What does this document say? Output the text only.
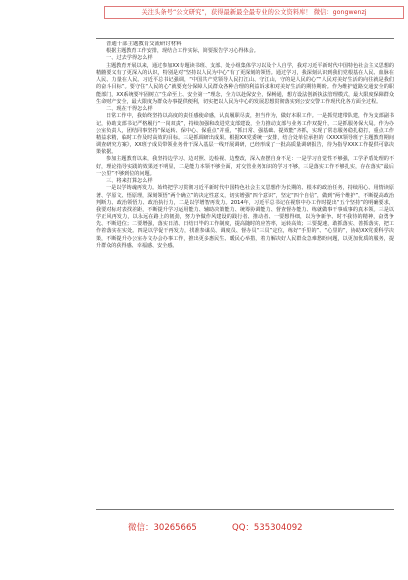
关注头条号“公文研究”，获得最新最全最专业的公文资料库！ 微信：gongwenzj

普通干部主题教育交流研讨材料

根据主题教育工作安排，现结合工作实际，简要报告学习心得体会。

一、过去学得怎么样

主题教育开展以来，通过参加XX专题读书班、支部、处小组集体学习以及个人自学，我对习近平新时代中国特色社会主义思想的精髓要义有了更深入的认识，特别是对“坚持以人民为中心”有了更深刻的领悟。通过学习，我深刻认识到我们党根基在人民、血脉在人民、力量在人民。习近平总书记强调，“中国共产党领导人民打江山、守江山，守的是人民的心”“人民对美好生活的向往就是我们的奋斗目标”。要守住“人民的心”就要充分保障人民群众各种合理的利益诉求和对美好生活的期待期盼。作为维护道路交通安全的职能部门，XX系统要牢固树立“生命至上、安全第一”理念，全力以赴保安全，保畅通，想方设法创新执法管理模式，最大限度保障群众生命财产安全，最大限度为群众办事提供便利，切实把以人民为中心的发展思想贯彻落实到公安交警工作现代化各方面全过程。

二、现在干得怎么样

日常工作中，我始终坚持以高度的责任感使命感，认真履职尽责，担当作为，做好本职工作。一是抓党建带队建，作为支部副书记，协助支部书记严格履行“一岗双责”，持续加强和改进党支部建设，全力推动支部与业务工作双提升，二是抓服务保大局。作为办公室负责人，团结同事坚持“保运转、保中心、保重点”并重，“抓日常、强基础、提效能”齐抓，实现了常态服务稳扎稳打，重点工作精益求精，临时工作及时高效的目标。三是抓调研出成果。根据XX党委统一安排，结合处单位承担的《XXXX领导班子主题教育期间调查研究方案》，XX班子成员带领业务骨干深入基层一线开展调研，已经形成了一批高质量调研报告，待为指导XXX工作提供可靠决策依据。

参加主题教育以来，我坚持边学习、边对照、边检视、边整改，深入查摆自身不足：一是学习自觉性不够强，工学矛盾处理的不好，理论指导实践的效果还不明显，二是能力本领不够全面，对交管业务知识的学习不够，三是落实工作不够扎实，存在落实“最后一公里”不够到位的问题。

三、将来打算怎么样

一是以学铸魂再发力。始终把学习贯彻习近平新时代中国特色社会主义思想作为长期的、根本的政治任务，持续用心、用情读原著、学原文、悟原理，深刻领悟“两个确立”的决定性意义，切实增强“四个意识”，坚定“四个自信”，做到“两个维护”，不断提高政治判断力、政治领悟力、政治执行力，二是以学增智再发力。2014年，习近平总书记在视察中办工作时提出“五个坚持”的明确要求，我要对标对表找差距，不断提升学习运用能力、辅助决策能力、统筹协调能力、督查督办能力、练就做事干事成事的真本领。三是以学正风再发力，以永远在路上的韧劲，努力争做作风建设的践行者、推动者、一要想得细，以为争新争、时不我待的精神，奋勇争先、不断进位；二要增强，落实日清、日结日毕的工作制度，提高随时的应答率，运转高效；三要提速，敢抓落实、善抓落实，把工作着落实在实处。四是以学促干再发力，找准参谋员、调度员、督办员“三员”定位，练好“手里的”、“心里的”，协助XX党委科学决策，不断提升办公室办文办会办事工作，推出更多惠民生、暖民心举措，着力解决好人民群众急难愁盼问题，以更加优质的服务，提升群众的获得感、幸福感、安全感。

微信：30265665	QQ：535304092
